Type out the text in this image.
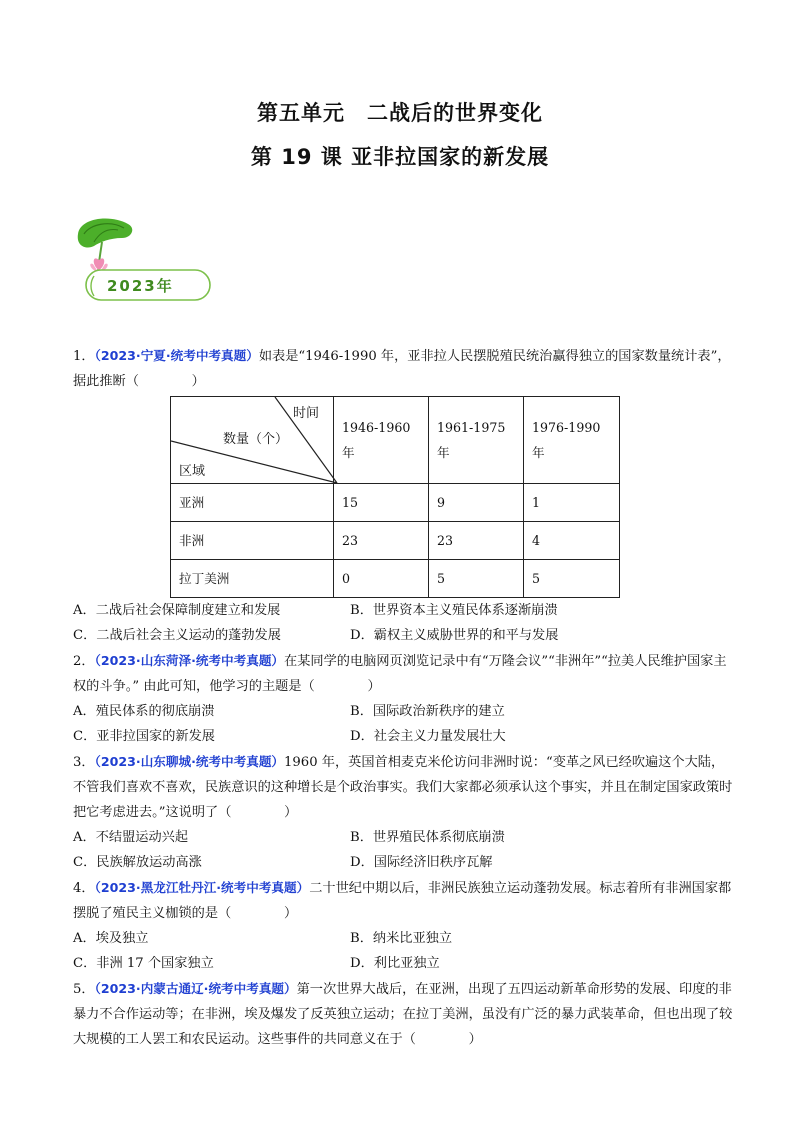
第五单元　二战后的世界变化
第 19 课 亚非拉国家的新发展
2023年

1．（2023·宁夏·统考中考真题）如表是“1946-1990 年，亚非拉人民摆脱殖民统治赢得独立的国家数量统计表”，据此推断（　　　　）

时间
数量（个）
区域	1946-1960 年	1961-1975 年	1976-1990 年
亚洲	15	9	1
非洲	23	23	4
拉丁美洲	0	5	5
A．二战后社会保障制度建立和发展	B．世界资本主义殖民体系逐渐崩溃
C．二战后社会主义运动的蓬勃发展	D．霸权主义威胁世界的和平与发展

2．（2023·山东菏泽·统考中考真题）在某同学的电脑网页浏览记录中有“万隆会议”“非洲年”“拉美人民维护国家主权的斗争。” 由此可知，他学习的主题是（　　　　）

A．殖民体系的彻底崩溃	B．国际政治新秩序的建立
C．亚非拉国家的新发展	D．社会主义力量发展壮大

3．（2023·山东聊城·统考中考真题）1960 年，英国首相麦克米伦访问非洲时说：“变革之风已经吹遍这个大陆，不管我们喜欢不喜欢，民族意识的这种增长是个政治事实。我们大家都必须承认这个事实，并且在制定国家政策时把它考虑进去。”这说明了（　　　　）

A．不结盟运动兴起	B．世界殖民体系彻底崩溃
C．民族解放运动高涨	D．国际经济旧秩序瓦解

4．（2023·黑龙江牡丹江·统考中考真题）二十世纪中期以后，非洲民族独立运动蓬勃发展。标志着所有非洲国家都摆脱了殖民主义枷锁的是（　　　　）

A．埃及独立	B．纳米比亚独立
C．非洲 17 个国家独立	D．利比亚独立

5．（2023·内蒙古通辽·统考中考真题）第一次世界大战后，在亚洲，出现了五四运动新革命形势的发展、印度的非暴力不合作运动等；在非洲，埃及爆发了反英独立运动；在拉丁美洲，虽没有广泛的暴力武装革命，但也出现了较大规模的工人罢工和农民运动。这些事件的共同意义在于（　　　　）
